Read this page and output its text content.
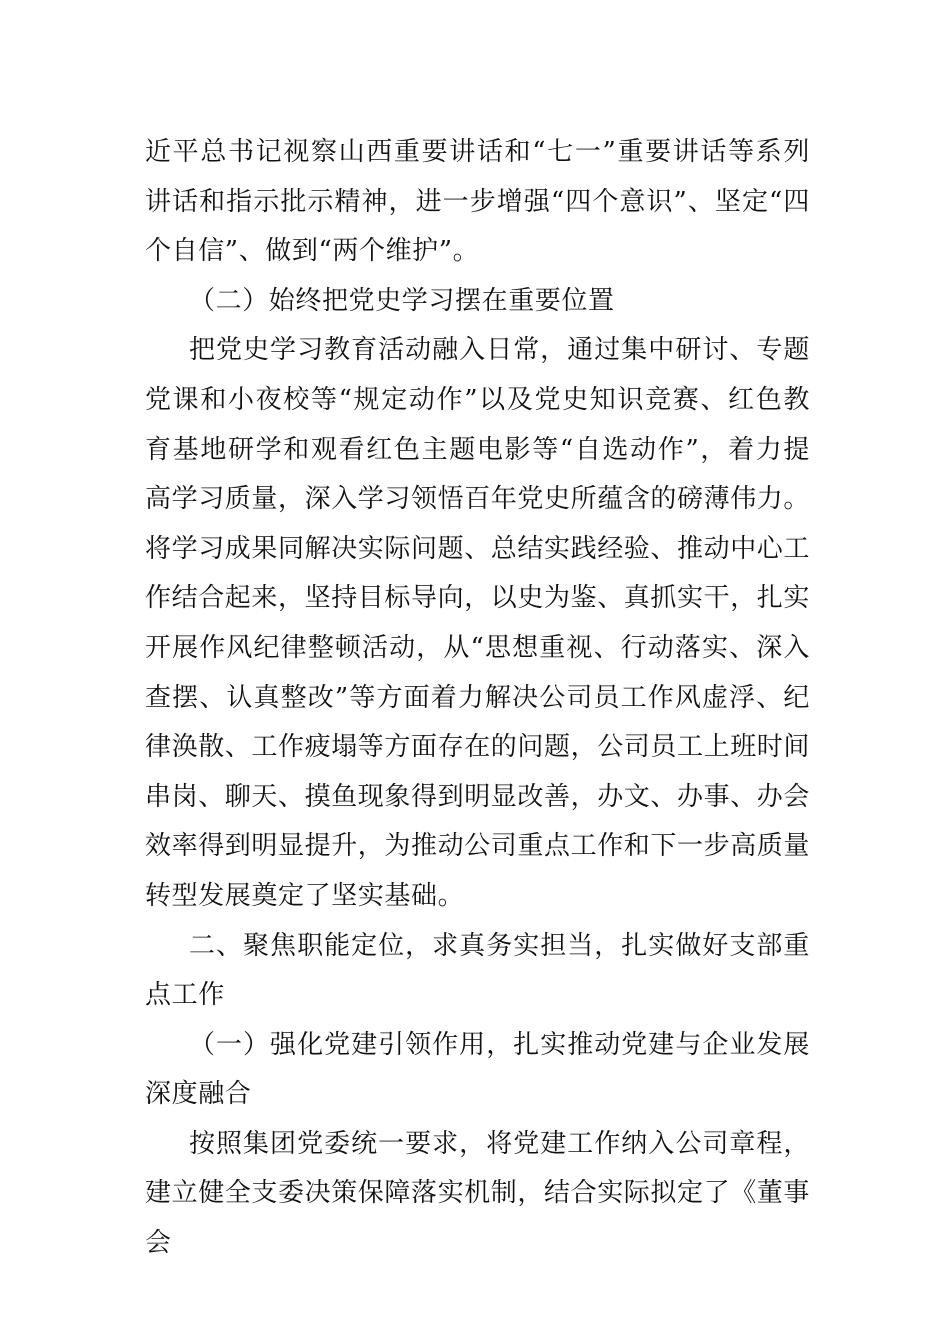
近平总书记视察山西重要讲话和“七一”重要讲话等系列讲话和指示批示精神，进一步增强“四个意识”、坚定“四个自信”、做到“两个维护”。

（二）始终把党史学习摆在重要位置

把党史学习教育活动融入日常，通过集中研讨、专题党课和小夜校等“规定动作”以及党史知识竞赛、红色教育基地研学和观看红色主题电影等“自选动作”，着力提高学习质量，深入学习领悟百年党史所蕴含的磅薄伟力。将学习成果同解决实际问题、总结实践经验、推动中心工作结合起来，坚持目标导向，以史为鉴、真抓实干，扎实开展作风纪律整顿活动，从“思想重视、行动落实、深入查摆、认真整改”等方面着力解决公司员工作风虚浮、纪律涣散、工作疲塌等方面存在的问题，公司员工上班时间串岗、聊天、摸鱼现象得到明显改善，办文、办事、办会效率得到明显提升，为推动公司重点工作和下一步高质量转型发展奠定了坚实基础。

二、聚焦职能定位，求真务实担当，扎实做好支部重点工作

（一）强化党建引领作用，扎实推动党建与企业发展深度融合

按照集团党委统一要求，将党建工作纳入公司章程，建立健全支委决策保障落实机制，结合实际拟定了《董事会
